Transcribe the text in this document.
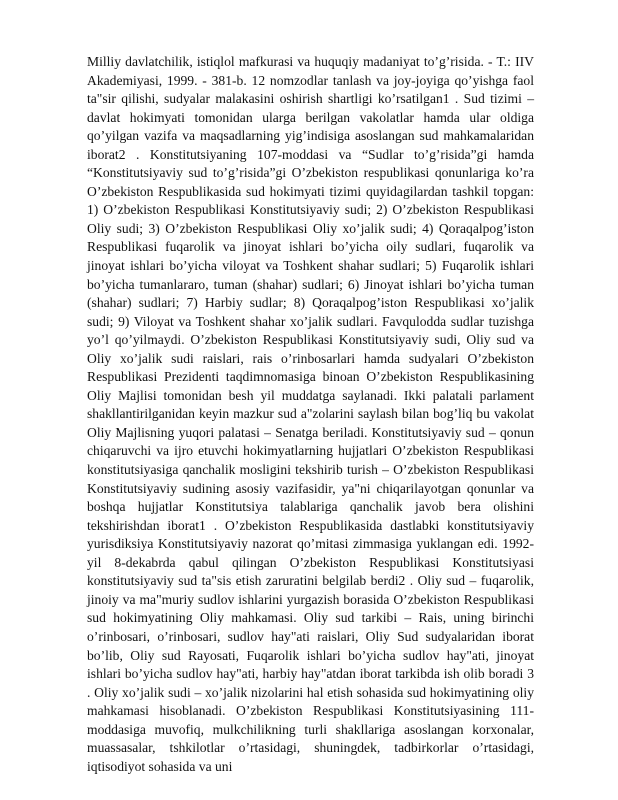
Milliy davlatchilik, istiqlol mafkurasi va huquqiy madaniyat to’g’risida. - T.: IIV Akademiyasi, 1999. - 381-b. 12 nomzodlar tanlash va joy-joyiga qo’yishga faol ta"sir qilishi, sudyalar malakasini oshirish shartligi ko’rsatilgan1 . Sud tizimi – davlat hokimyati tomonidan ularga berilgan vakolatlar hamda ular oldiga qo’yilgan vazifa va maqsadlarning yig’indisiga asoslangan sud mahkamalaridan iborat2 . Konstitutsiyaning 107-moddasi va “Sudlar to’g’risida”gi hamda “Konstitutsiyaviy sud to’g’risida”gi O’zbekiston respublikasi qonunlariga ko’ra O’zbekiston Respublikasida sud hokimyati tizimi quyidagilardan tashkil topgan: 1) O’zbekiston Respublikasi Konstitutsiyaviy sudi; 2) O’zbekiston Respublikasi Oliy sudi; 3) O’zbekiston Respublikasi Oliy xo’jalik sudi; 4) Qoraqalpog’iston Respublikasi fuqarolik va jinoyat ishlari bo’yicha oily sudlari, fuqarolik va jinoyat ishlari bo’yicha viloyat va Toshkent shahar sudlari; 5) Fuqarolik ishlari bo’yicha tumanlararo, tuman (shahar) sudlari; 6) Jinoyat ishlari bo’yicha tuman (shahar) sudlari; 7) Harbiy sudlar; 8) Qoraqalpog’iston Respublikasi xo’jalik sudi; 9) Viloyat va Toshkent shahar xo’jalik sudlari. Favqulodda sudlar tuzishga yo’l qo’yilmaydi. O’zbekiston Respublikasi Konstitutsiyaviy sudi, Oliy sud va Oliy xo’jalik sudi raislari, rais o’rinbosarlari hamda sudyalari O’zbekiston Respublikasi Prezidenti taqdimnomasiga binoan O’zbekiston Respublikasining Oliy Majlisi tomonidan besh yil muddatga saylanadi. Ikki palatali parlament shakllantirilganidan keyin mazkur sud a"zolarini saylash bilan bog’liq bu vakolat Oliy Majlisning yuqori palatasi – Senatga beriladi. Konstitutsiyaviy sud – qonun chiqaruvchi va ijro etuvchi hokimyatlarning hujjatlari O’zbekiston Respublikasi konstitutsiyasiga qanchalik mosligini tekshirib turish – O’zbekiston Respublikasi Konstitutsiyaviy sudining asosiy vazifasidir, ya"ni chiqarilayotgan qonunlar va boshqa hujjatlar Konstitutsiya talablariga qanchalik javob bera olishini tekshirishdan iborat1 . O’zbekiston Respublikasida dastlabki konstitutsiyaviy yurisdiksiya Konstitutsiyaviy nazorat qo’mitasi zimmasiga yuklangan edi. 1992-yil 8-dekabrda qabul qilingan O’zbekiston Respublikasi Konstitutsiyasi konstitutsiyaviy sud ta"sis etish zaruratini belgilab berdi2 . Oliy sud – fuqarolik, jinoiy va ma"muriy sudlov ishlarini yurgazish borasida O’zbekiston Respublikasi sud hokimyatining Oliy mahkamasi. Oliy sud tarkibi – Rais, uning birinchi o’rinbosari, o’rinbosari, sudlov hay"ati raislari, Oliy Sud sudyalaridan iborat bo’lib, Oliy sud Rayosati, Fuqarolik ishlari bo’yicha sudlov hay"ati, jinoyat ishlari bo’yicha sudlov hay"ati, harbiy hay"atdan iborat tarkibda ish olib boradi 3 . Oliy xo’jalik sudi – xo’jalik nizolarini hal etish sohasida sud hokimyatining oliy mahkamasi hisoblanadi. O’zbekiston Respublikasi Konstitutsiyasining 111- moddasiga muvofiq, mulkchilikning turli shakllariga asoslangan korxonalar, muassasalar, tshkilotlar o’rtasidagi, shuningdek, tadbirkorlar o’rtasidagi, iqtisodiyot sohasida va uni
